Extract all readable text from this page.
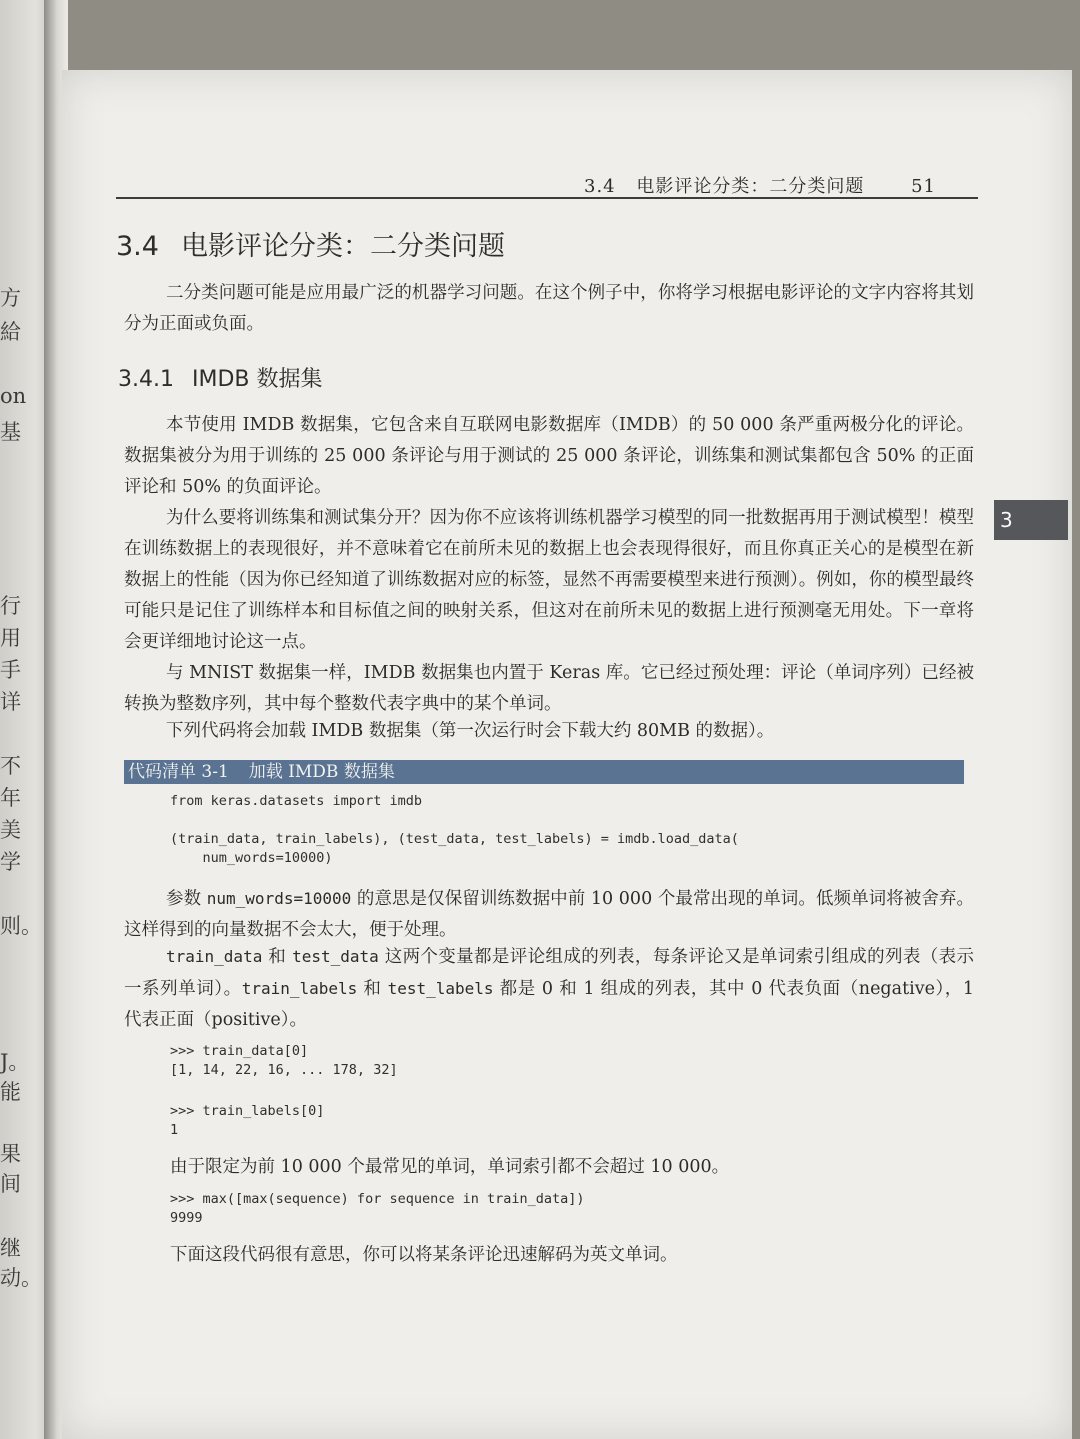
方
給
on
基
行
用
手
详
不
年
美
学
则。
J。
能
果
间
继
动。
3.4 电影评论分类：二分类问题	51
3.4 电影评论分类：二分类问题
二分类问题可能是应用最广泛的机器学习问题。在这个例子中，你将学习根据电影评论的文字内容将其划分为正面或负面。
3.4.1 IMDB 数据集
本节使用 IMDB 数据集，它包含来自互联网电影数据库（IMDB）的 50 000 条严重两极分化的评论。数据集被分为用于训练的 25 000 条评论与用于测试的 25 000 条评论，训练集和测试集都包含 50% 的正面评论和 50% 的负面评论。
为什么要将训练集和测试集分开？因为你不应该将训练机器学习模型的同一批数据再用于测试模型！模型在训练数据上的表现很好，并不意味着它在前所未见的数据上也会表现得很好，而且你真正关心的是模型在新数据上的性能（因为你已经知道了训练数据对应的标签，显然不再需要模型来进行预测）。例如，你的模型最终可能只是记住了训练样本和目标值之间的映射关系，但这对在前所未见的数据上进行预测毫无用处。下一章将会更详细地讨论这一点。
与 MNIST 数据集一样，IMDB 数据集也内置于 Keras 库。它已经过预处理：评论（单词序列）已经被转换为整数序列，其中每个整数代表字典中的某个单词。
下列代码将会加载 IMDB 数据集（第一次运行时会下载大约 80MB 的数据）。
代码清单 3-1 加载 IMDB 数据集
from keras.datasets import imdb

(train_data, train_labels), (test_data, test_labels) = imdb.load_data(
num_words=10000)
参数 num_words=10000 的意思是仅保留训练数据中前 10 000 个最常出现的单词。低频单词将被舍弃。这样得到的向量数据不会太大，便于处理。
train_data 和 test_data 这两个变量都是评论组成的列表，每条评论又是单词索引组成的列表（表示一系列单词）。train_labels 和 test_labels 都是 0 和 1 组成的列表，其中 0 代表负面（negative），1 代表正面（positive）。
>>> train_data[0]
[1, 14, 22, 16, ... 178, 32]
>>> train_labels[0]
1
由于限定为前 10 000 个最常见的单词，单词索引都不会超过 10 000。
>>> max([max(sequence) for sequence in train_data])
9999
下面这段代码很有意思，你可以将某条评论迅速解码为英文单词。
3
